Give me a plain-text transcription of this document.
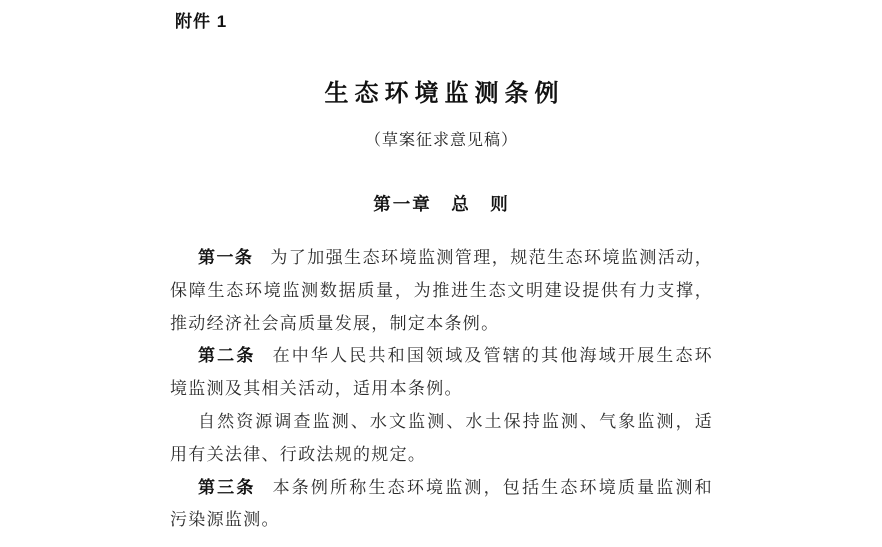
附件 1
生态环境监测条例
（草案征求意见稿）
第一章　总　则
第一条 为了加强生态环境监测管理，规范生态环境监测活动，
保障生态环境监测数据质量，为推进生态文明建设提供有力支撑，
推动经济社会高质量发展，制定本条例。
第二条 在中华人民共和国领域及管辖的其他海域开展生态环
境监测及其相关活动，适用本条例。
自然资源调查监测、水文监测、水土保持监测、气象监测，适
用有关法律、行政法规的规定。
第三条 本条例所称生态环境监测，包括生态环境质量监测和
污染源监测。
